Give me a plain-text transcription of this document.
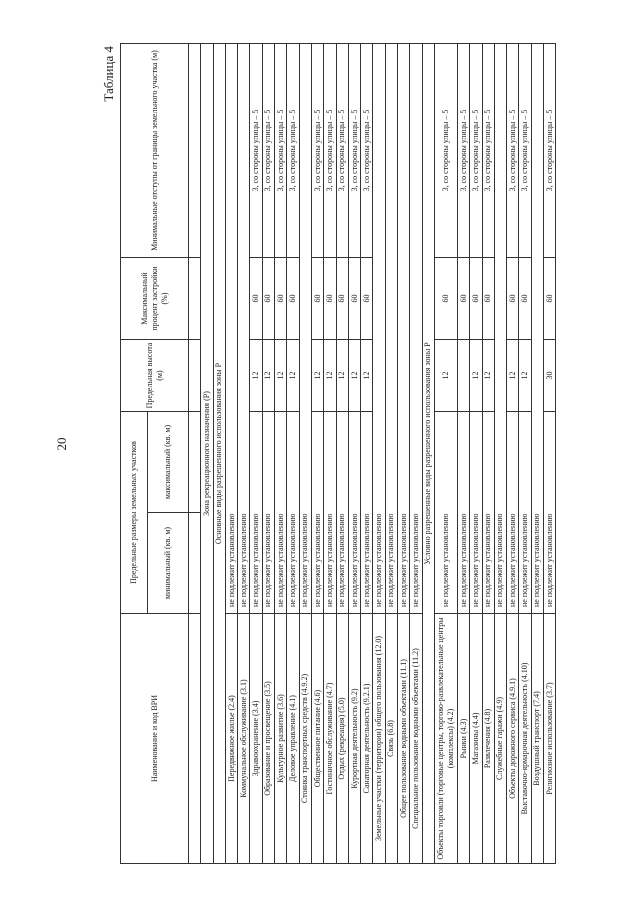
20
Таблица 4
Наименование и код ВРИ	Предельные размеры земельных участков		Предельная высота (м)	Максимальный процент застройки (%)	Минимальные отступы от границы земельного участка (м)
	минимальный (кв. м)	максимальный (кв. м)			

Зона рекреационного назначения (Р)					
Основные виды разрешенного использования зоны Р					
Передвижное жилье (2.4)	не подлежит установлению				
Коммунальное обслуживание (3.1)	не подлежит установлению				
Здравоохранение (3.4)	не подлежит установлению		12	60	3, со стороны улицы – 5
Образование и просвещение (3.5)	не подлежит установлению		12	60	3, со стороны улицы – 5
Культурное развитие (3.6)	не подлежит установлению		12	60	3, со стороны улицы – 5
Деловое управление (4.1)	не подлежит установлению		12	60	3, со стороны улицы – 5
Стоянка транспортных средств (4.9.2)	не подлежит установлению				
Общественное питание (4.6)	не подлежит установлению		12	60	3, со стороны улицы – 5
Гостиничное обслуживание (4.7)	не подлежит установлению		12	60	3, со стороны улицы – 5
Отдых (рекреация) (5.0)	не подлежит установлению		12	60	3, со стороны улицы – 5
Курортная деятельность (9.2)	не подлежит установлению		12	60	3, со стороны улицы – 5
Санаторная деятельность (9.2.1)	не подлежит установлению		12	60	3, со стороны улицы – 5
Земельные участки (территории) общего пользования (12.0)	не подлежит установлению				
Связь (6.8)	не подлежит установлению				
Общее пользование водными объектами (11.1)	не подлежит установлению				
Специальное пользование водными объектами (11.2)	не подлежит установлению				
Условно разрешенные виды разрешенного использования зоны Р					
Объекты торговли (торговые центры, торгово-развлекательные центры (комплексы) (4.2)	не подлежит установлению		12	60	3, со стороны улицы – 5
Рынки (4.3)	не подлежит установлению			60	3, со стороны улицы – 5
Магазины (4.4)	не подлежит установлению		12	60	3, со стороны улицы – 5
Развлечения (4.8)	не подлежит установлению		12	60	3, со стороны улицы – 5
Служебные гаражи (4.9)	не подлежит установлению				
Объекты дорожного сервиса (4.9.1)	не подлежит установлению		12	60	3, со стороны улицы – 5
Выставочно-ярмарочная деятельность (4.10)	не подлежит установлению		12	60	3, со стороны улицы – 5
Воздушный транспорт (7.4)	не подлежит установлению				
Религиозное использование (3.7)	не подлежит установлению		30	60	3, со стороны улицы – 5
